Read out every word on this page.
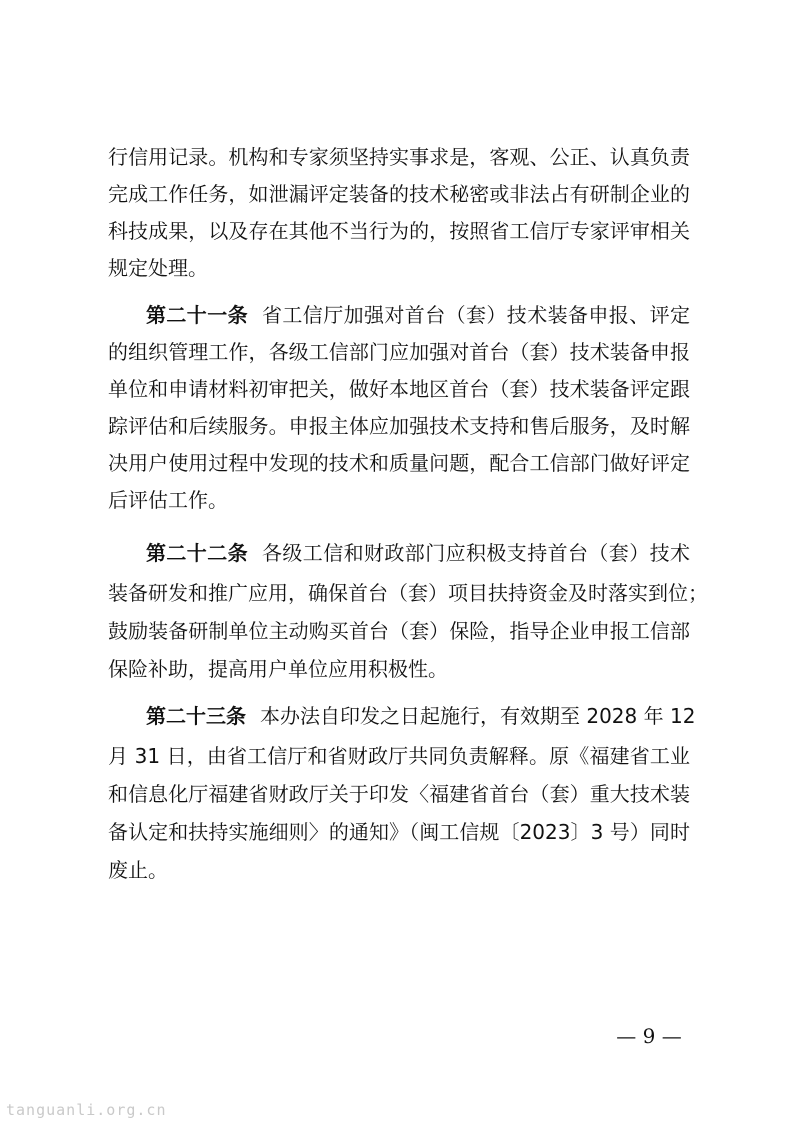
行信用记录。机构和专家须坚持实事求是，客观、公正、认真负责
完成工作任务，如泄漏评定装备的技术秘密或非法占有研制企业的
科技成果，以及存在其他不当行为的，按照省工信厅专家评审相关
规定处理。
第二十一条 省工信厅加强对首台（套）技术装备申报、评定
的组织管理工作，各级工信部门应加强对首台（套）技术装备申报
单位和申请材料初审把关，做好本地区首台（套）技术装备评定跟
踪评估和后续服务。申报主体应加强技术支持和售后服务，及时解
决用户使用过程中发现的技术和质量问题，配合工信部门做好评定
后评估工作。
第二十二条 各级工信和财政部门应积极支持首台（套）技术
装备研发和推广应用，确保首台（套）项目扶持资金及时落实到位；
鼓励装备研制单位主动购买首台（套）保险，指导企业申报工信部
保险补助，提高用户单位应用积极性。
第二十三条 本办法自印发之日起施行，有效期至 2028 年 12
月 31 日，由省工信厅和省财政厅共同负责解释。原《福建省工业
和信息化厅福建省财政厅关于印发〈福建省首台（套）重大技术装
备认定和扶持实施细则〉的通知》（闽工信规〔2023〕3 号）同时
废止。
— 9 —
tanguanli.org.cn
